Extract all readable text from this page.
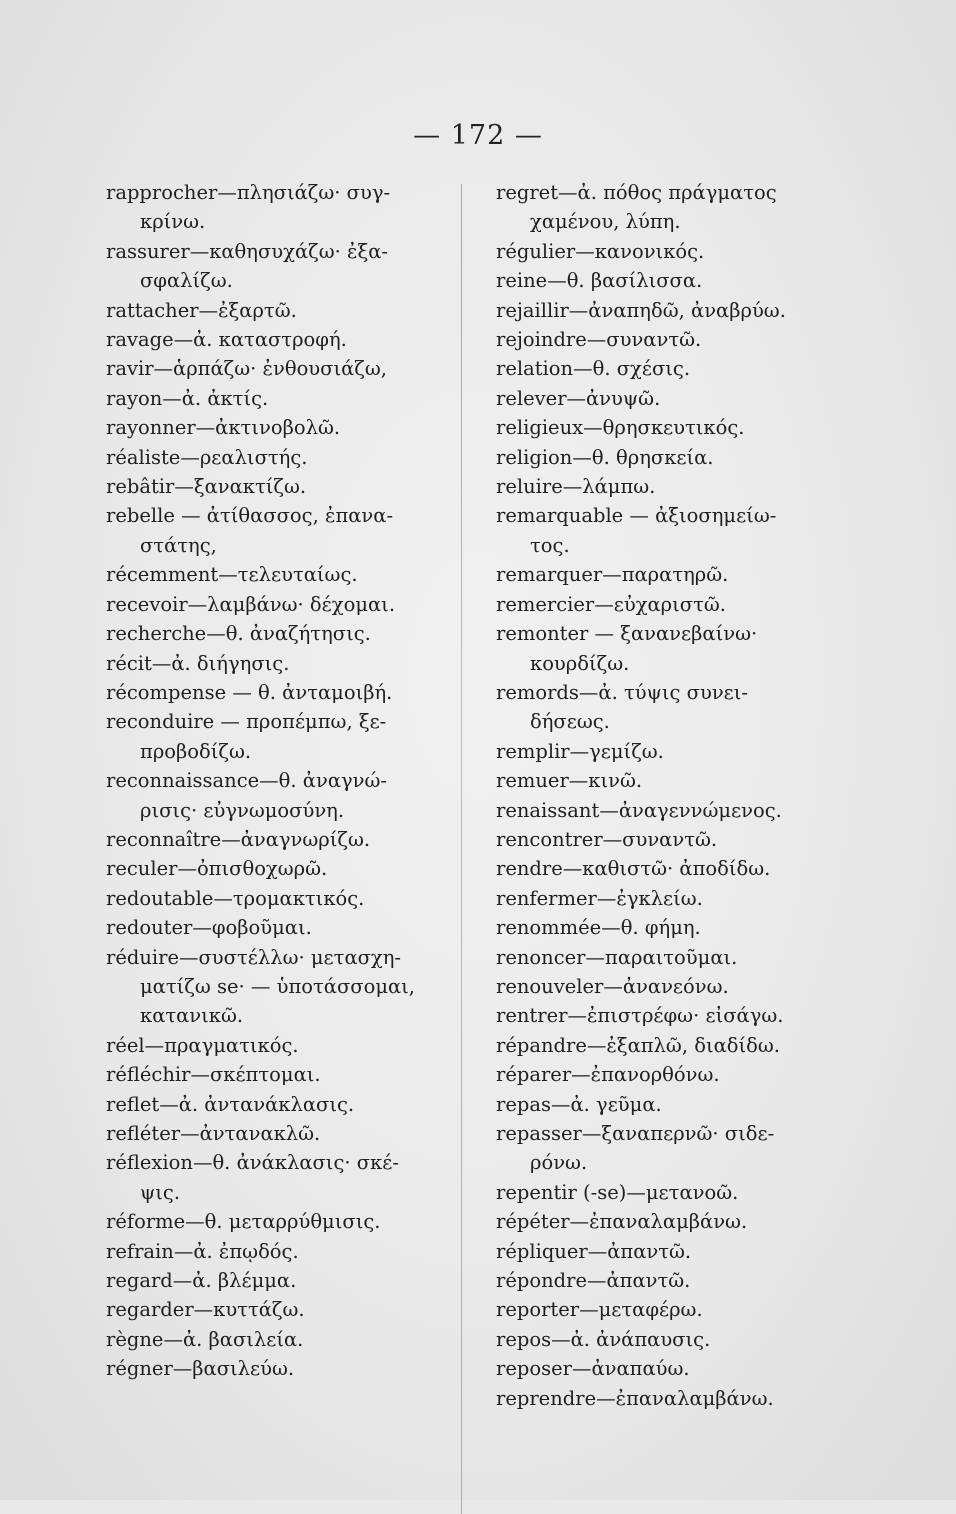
— 172 —
rapprocher—πλησιάζω· συγ-
κρίνω.
rassurer—καθησυχάζω· ἐξα-
σφαλίζω.
rattacher—ἐξαρτῶ.
ravage—ἀ. καταστροφή.
ravir—ἁρπάζω· ἐνθουσιάζω,
rayon—ἀ. ἀκτίς.
rayonner—ἀκτινοβολῶ.
réaliste—ρεαλιστής.
rebâtir—ξανακτίζω.
rebelle — ἀτίθασσος, ἐπανα-
στάτης,
récemment—τελευταίως.
recevoir—λαμβάνω· δέχομαι.
recherche—θ. ἀναζήτησις.
récit—ἀ. διήγησις.
récompense — θ. ἀνταμοιβή.
reconduire — προπέμπω, ξε-
προβοδίζω.
reconnaissance—θ. ἀναγνώ-
ρισις· εὐγνωμοσύνη.
reconnaître—ἀναγνωρίζω.
reculer—ὀπισθοχωρῶ.
redoutable—τρομακτικός.
redouter—φοβοῦμαι.
réduire—συστέλλω· μετασχη-
ματίζω se· — ὑποτάσσομαι,
κατανικῶ.
réel—πραγματικός.
réfléchir—σκέπτομαι.
reflet—ἀ. ἀντανάκλασις.
refléter—ἀντανακλῶ.
réflexion—θ. ἀνάκλασις· σκέ-
ψις.
réforme—θ. μεταρρύθμισις.
refrain—ἀ. ἐπῳδός.
regard—ἀ. βλέμμα.
regarder—κυττάζω.
règne—ἀ. βασιλεία.
régner—βασιλεύω.
regret—ἀ. πόθος πράγματος
χαμένου, λύπη.
régulier—κανονικός.
reine—θ. βασίλισσα.
rejaillir—ἀναπηδῶ, ἀναβρύω.
rejoindre—συναντῶ.
relation—θ. σχέσις.
relever—ἀνυψῶ.
religieux—θρησκευτικός.
religion—θ. θρησκεία.
reluire—λάμπω.
remarquable — ἀξιοσημείω-
τος.
remarquer—παρατηρῶ.
remercier—εὐχαριστῶ.
remonter — ξανανεβαίνω·
κουρδίζω.
remords—ἀ. τύψις συνει-
δήσεως.
remplir—γεμίζω.
remuer—κινῶ.
renaissant—ἀναγεννώμενος.
rencontrer—συναντῶ.
rendre—καθιστῶ· ἀποδίδω.
renfermer—ἐγκλείω.
renommée—θ. φήμη.
renoncer—παραιτοῦμαι.
renouveler—ἀνανεόνω.
rentrer—ἐπιστρέφω· εἰσάγω.
répandre—ἐξαπλῶ, διαδίδω.
réparer—ἐπανορθόνω.
repas—ἀ. γεῦμα.
repasser—ξαναπερνῶ· σιδε-
ρόνω.
repentir (-se)—μετανοῶ.
répéter—ἐπαναλαμβάνω.
répliquer—ἀπαντῶ.
répondre—ἀπαντῶ.
reporter—μεταφέρω.
repos—ἀ. ἀνάπαυσις.
reposer—ἀναπαύω.
reprendre—ἐπαναλαμβάνω.
